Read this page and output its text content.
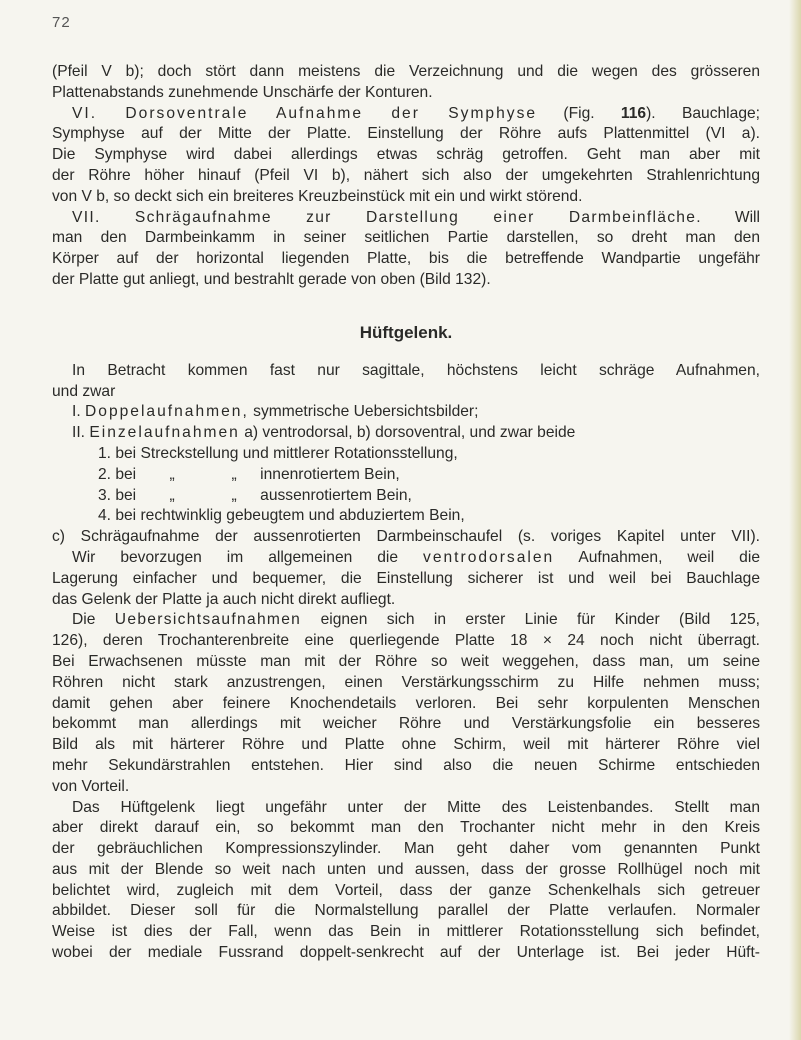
72
(Pfeil V b); doch stört dann meistens die Verzeichnung und die wegen des grösseren
Plattenabstands zunehmende Unschärfe der Konturen.
VI. Dorsoventrale Aufnahme der Symphyse (Fig. 116). Bauchlage;
Symphyse auf der Mitte der Platte. Einstellung der Röhre aufs Plattenmittel (VI a).
Die Symphyse wird dabei allerdings etwas schräg getroffen. Geht man aber mit
der Röhre höher hinauf (Pfeil VI b), nähert sich also der umgekehrten Strahlenrichtung
von V b, so deckt sich ein breiteres Kreuzbeinstück mit ein und wirkt störend.
VII. Schrägaufnahme zur Darstellung einer Darmbeinfläche. Will
man den Darmbeinkamm in seiner seitlichen Partie darstellen, so dreht man den
Körper auf der horizontal liegenden Platte, bis die betreffende Wandpartie ungefähr
der Platte gut anliegt, und bestrahlt gerade von oben (Bild 132).
Hüftgelenk.
In Betracht kommen fast nur sagittale, höchstens leicht schräge Aufnahmen,
und zwar
I. Doppelaufnahmen, symmetrische Uebersichtsbilder;
II. Einzelaufnahmen a) ventrodorsal, b) dorsoventral, und zwar beide
1. bei Streckstellung und mittlerer Rotationsstellung,
2. bei „	„ innenrotiertem Bein,
3. bei „	„ aussenrotiertem Bein,
4. bei rechtwinklig gebeugtem und abduziertem Bein,
c) Schrägaufnahme der aussenrotierten Darmbeinschaufel (s. voriges Kapitel unter VII).
Wir bevorzugen im allgemeinen die ventrodorsalen Aufnahmen, weil die
Lagerung einfacher und bequemer, die Einstellung sicherer ist und weil bei Bauchlage
das Gelenk der Platte ja auch nicht direkt aufliegt.
Die Uebersichtsaufnahmen eignen sich in erster Linie für Kinder (Bild 125,
126), deren Trochanterenbreite eine querliegende Platte 18 × 24 noch nicht überragt.
Bei Erwachsenen müsste man mit der Röhre so weit weggehen, dass man, um seine
Röhren nicht stark anzustrengen, einen Verstärkungsschirm zu Hilfe nehmen muss;
damit gehen aber feinere Knochendetails verloren. Bei sehr korpulenten Menschen
bekommt man allerdings mit weicher Röhre und Verstärkungsfolie ein besseres
Bild als mit härterer Röhre und Platte ohne Schirm, weil mit härterer Röhre viel
mehr Sekundärstrahlen entstehen. Hier sind also die neuen Schirme entschieden
von Vorteil.
Das Hüftgelenk liegt ungefähr unter der Mitte des Leistenbandes. Stellt man
aber direkt darauf ein, so bekommt man den Trochanter nicht mehr in den Kreis
der gebräuchlichen Kompressionszylinder. Man geht daher vom genannten Punkt
aus mit der Blende so weit nach unten und aussen, dass der grosse Rollhügel noch mit
belichtet wird, zugleich mit dem Vorteil, dass der ganze Schenkelhals sich getreuer
abbildet. Dieser soll für die Normalstellung parallel der Platte verlaufen. Normaler
Weise ist dies der Fall, wenn das Bein in mittlerer Rotationsstellung sich befindet,
wobei der mediale Fussrand doppelt-senkrecht auf der Unterlage ist. Bei jeder Hüft-
